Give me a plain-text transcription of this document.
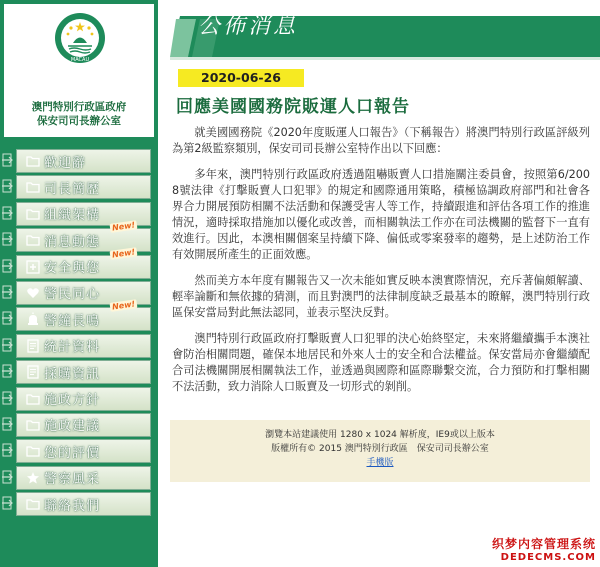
MACAU
澳門特別行政區政府
保安司司長辦公室
歡迎辭
司長簡歷
組織架構
消息動態
New!
安全與您
New!
警民同心
警鐘長鳴
New!
統計資料
採購資訊
施政方針
施政建議
您的評價
警察風采
聯絡我們
公佈消息
2020-06-26
回應美國國務院販運人口報告

就美國國務院《2020年度販運人口報告》（下稱報告）將澳門特別行政區評級列為第2級監察類別，保安司司長辦公室特作出以下回應：

多年來，澳門特別行政區政府透過阻嚇販賣人口措施關注委員會，按照第6/2008號法律《打擊販賣人口犯罪》的規定和國際通用策略，積極協調政府部門和社會各界合力開展預防相關不法活動和保護受害人等工作，持續跟進和評估各項工作的推進情況，適時採取措施加以優化或改善，而相關執法工作亦在司法機關的監督下一直有效進行。因此，本澳相關個案呈持續下降、偏低或零案發率的趨勢，是上述防治工作有效開展所產生的正面效應。

然而美方本年度有關報告又一次未能如實反映本澳實際情況，充斥著偏頗解讀、輕率論斷和無依據的猜測，而且對澳門的法律制度缺乏最基本的瞭解，澳門特別行政區保安當局對此無法認同，並表示堅決反對。

澳門特別行政區政府打擊販賣人口犯罪的決心始終堅定，未來將繼續攜手本澳社會防治相關問題，確保本地居民和外來人士的安全和合法權益。保安當局亦會繼續配合司法機關開展相關執法工作，並透過與國際和區際聯繫交流，合力預防和打擊相關不法活動，致力消除人口販賣及一切形式的剝削。

瀏覽本站建議使用 1280 x 1024 解析度，IE9或以上版本
版權所有© 2015 澳門特別行政區　保安司司長辦公室
手機版
织梦内容管理系统
DEDECMS.COM
